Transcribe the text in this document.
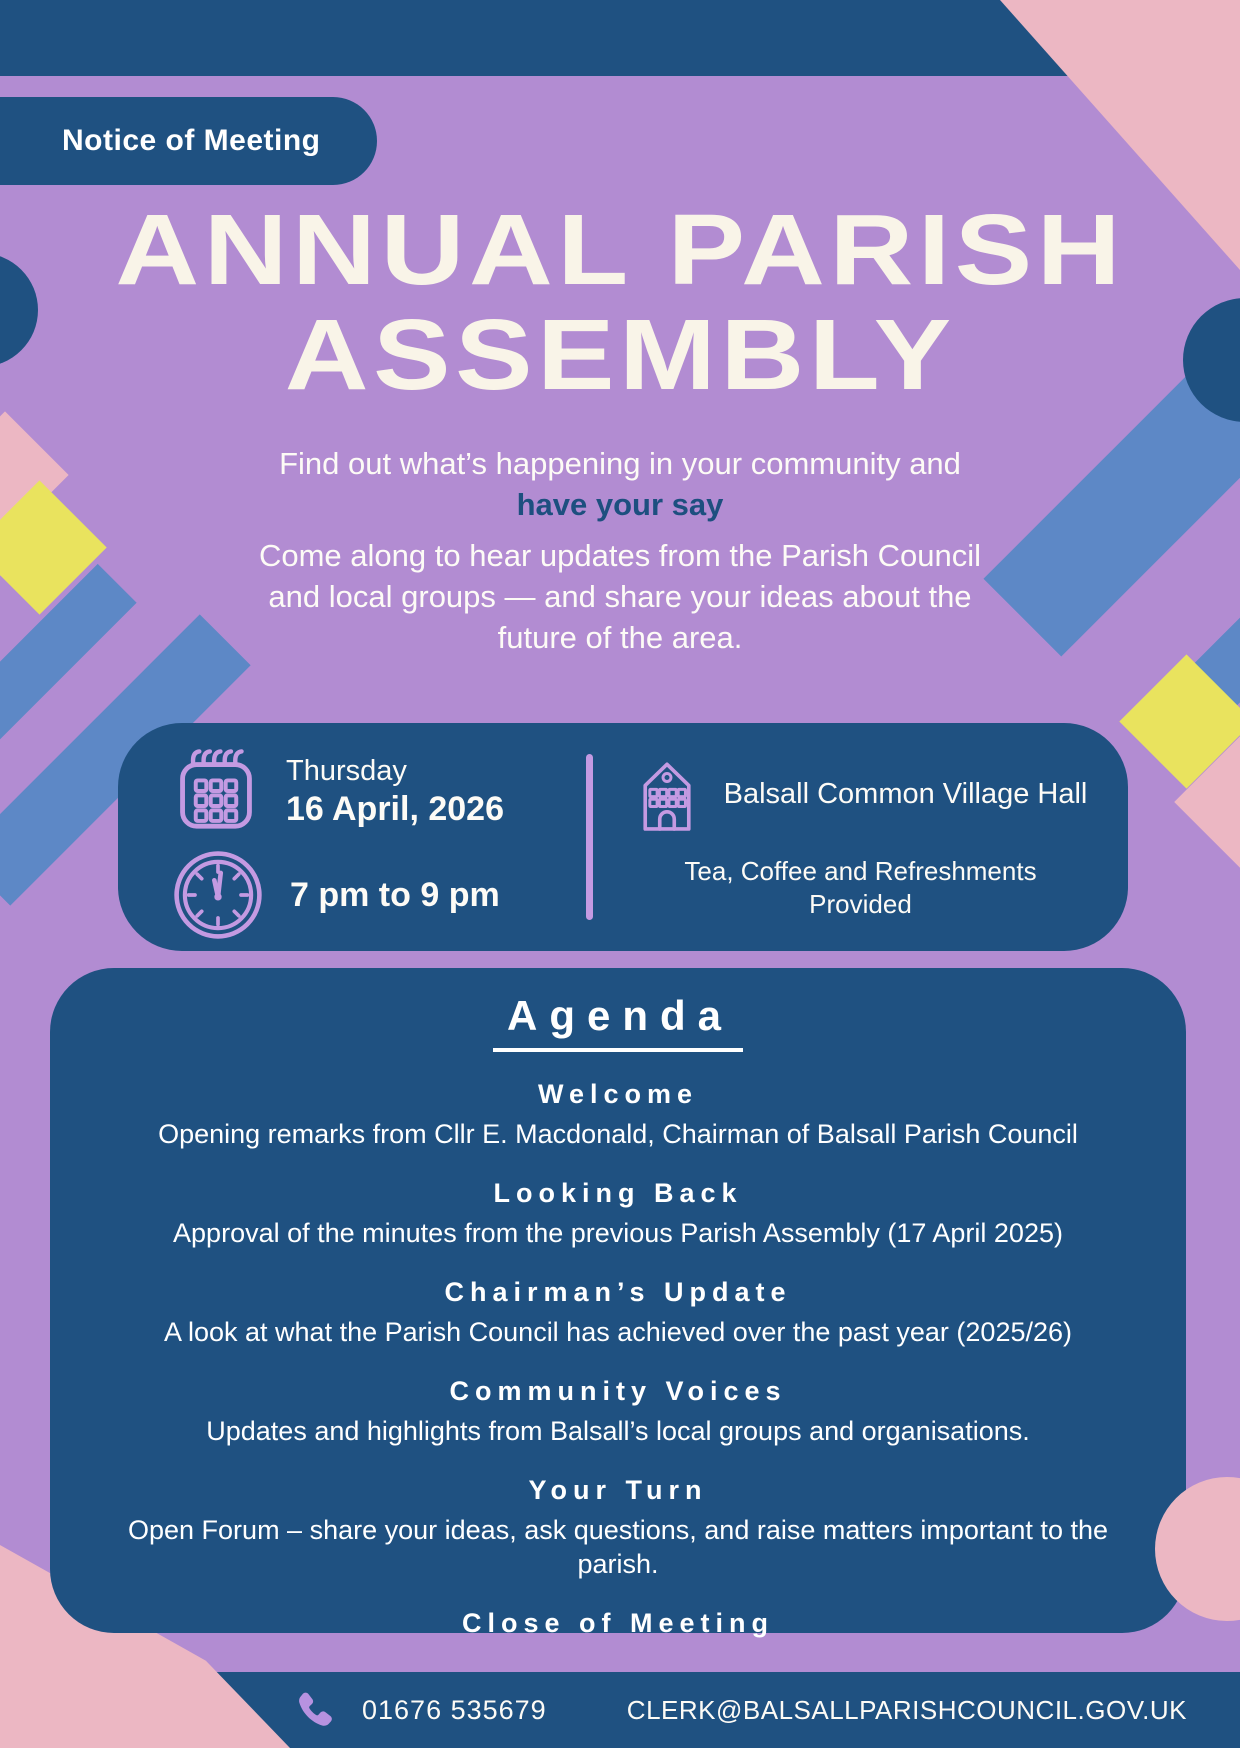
Notice of Meeting
ANNUAL PARISH
ASSEMBLY

Find out what’s happening in your community and
have your say

Come along to hear updates from the Parish Council
and local groups — and share your ideas about the
future of the area.

Thursday
16 April, 2026
7 pm to 9 pm
Balsall Common Village Hall
Tea, Coffee and Refreshments
Provided
01676 535679	CLERK@BALSALLPARISHCOUNCIL.GOV.UK
Agenda
Welcome
Opening remarks from Cllr E. Macdonald, Chairman of Balsall Parish Council
Looking Back
Approval of the minutes from the previous Parish Assembly (17 April 2025)
Chairman’s Update
A look at what the Parish Council has achieved over the past year (2025/26)
Community Voices
Updates and highlights from Balsall’s local groups and organisations.
Your Turn
Open Forum – share your ideas, ask questions, and raise matters important to the parish.
Close of Meeting
